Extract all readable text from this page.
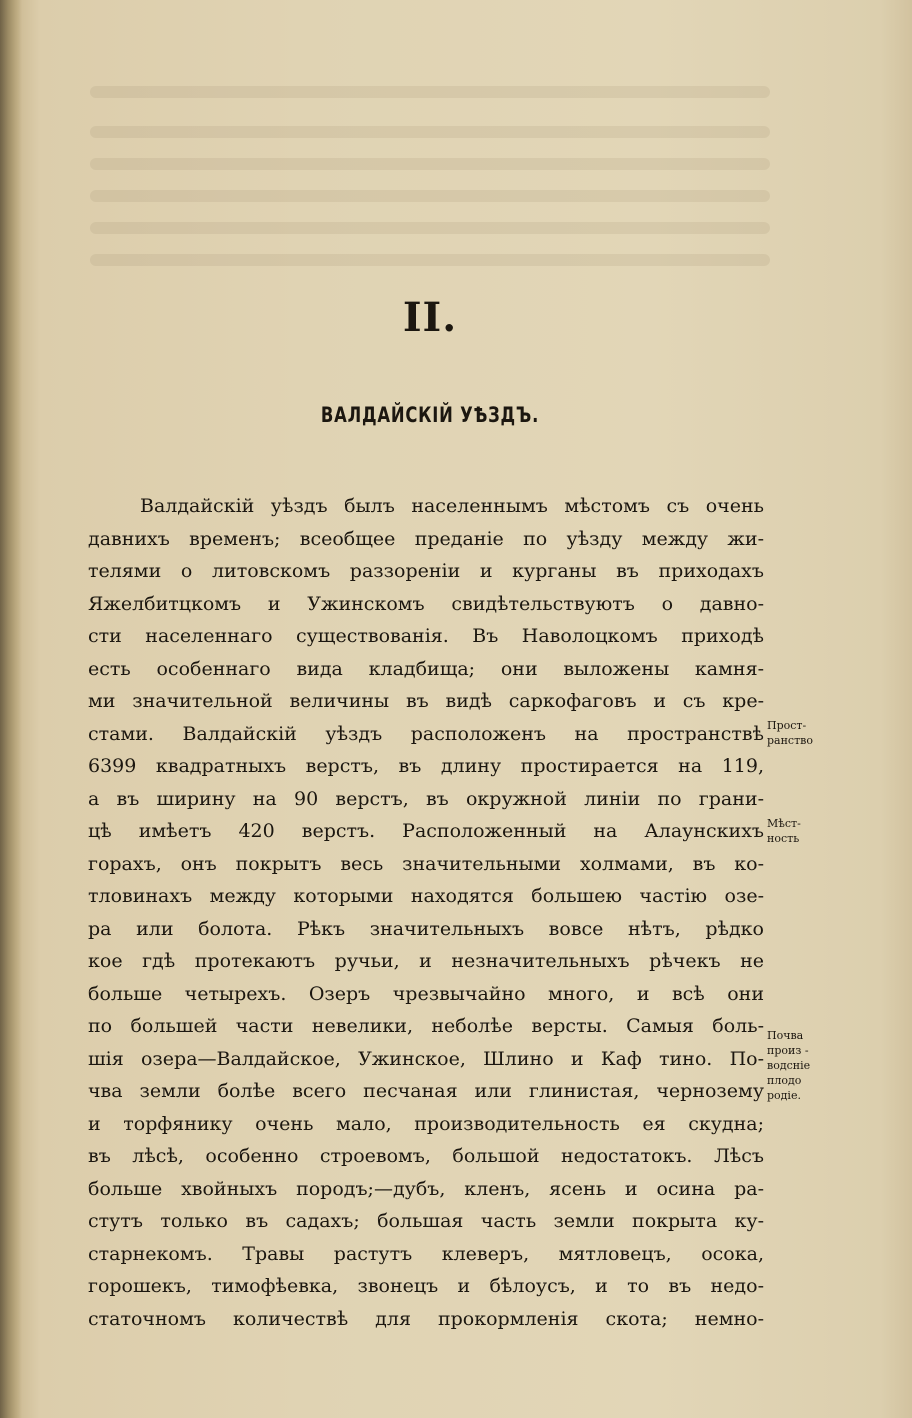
II.
ВАЛДАЙСКІЙ УѢЗДЪ.
Валдайскій уѣздъ былъ населеннымъ мѣстомъ съ очень
давнихъ временъ; всеобщее преданіе по уѣзду между жи-
телями о литовскомъ раззореніи и курганы въ приходахъ
Яжелбитцкомъ и Ужинскомъ свидѣтельствуютъ о давно-
сти населеннаго существованія. Въ Наволоцкомъ приходѣ
есть особеннаго вида кладбища; они выложены камня-
ми значительной величины въ видѣ саркофаговъ и съ кре-
стами. Валдайскій уѣздъ расположенъ на пространствѣ
6399 квадратныхъ верстъ, въ длину простирается на 119,
а въ ширину на 90 верстъ, въ окружной линіи по грани-
цѣ имѣетъ 420 верстъ. Расположенный на Алаунскихъ
горахъ, онъ покрытъ весь значительными холмами, въ ко-
тловинахъ между которыми находятся большею частію озе-
ра или болота. Рѣкъ значительныхъ вовсе нѣтъ, рѣдко
кое гдѣ протекаютъ ручьи, и незначительныхъ рѣчекъ не
больше четырехъ. Озеръ чрезвычайно много, и всѣ они
по большей части невелики, неболѣе версты. Самыя боль-
шія озера—Валдайское, Ужинское, Шлино и Каф тино. По-
чва земли болѣе всего песчаная или глинистая, чернозему
и торфянику очень мало, производительность ея скудна;
въ лѣсѣ, особенно строевомъ, большой недостатокъ. Лѣсъ
больше хвойныхъ породъ;—дубъ, кленъ, ясень и осина ра-
стутъ только въ садахъ; большая часть земли покрыта ку-
старнекомъ. Травы растутъ клеверъ, мятловецъ, осока,
горошекъ, тимофѣевка, звонецъ и бѣлоусъ, и то въ недо-
статочномъ количествѣ для прокормленія скота; немно-
Прост-
ранство
Мѣст-
ность
Почва
произ -
водсніе
плодо
родіе.
